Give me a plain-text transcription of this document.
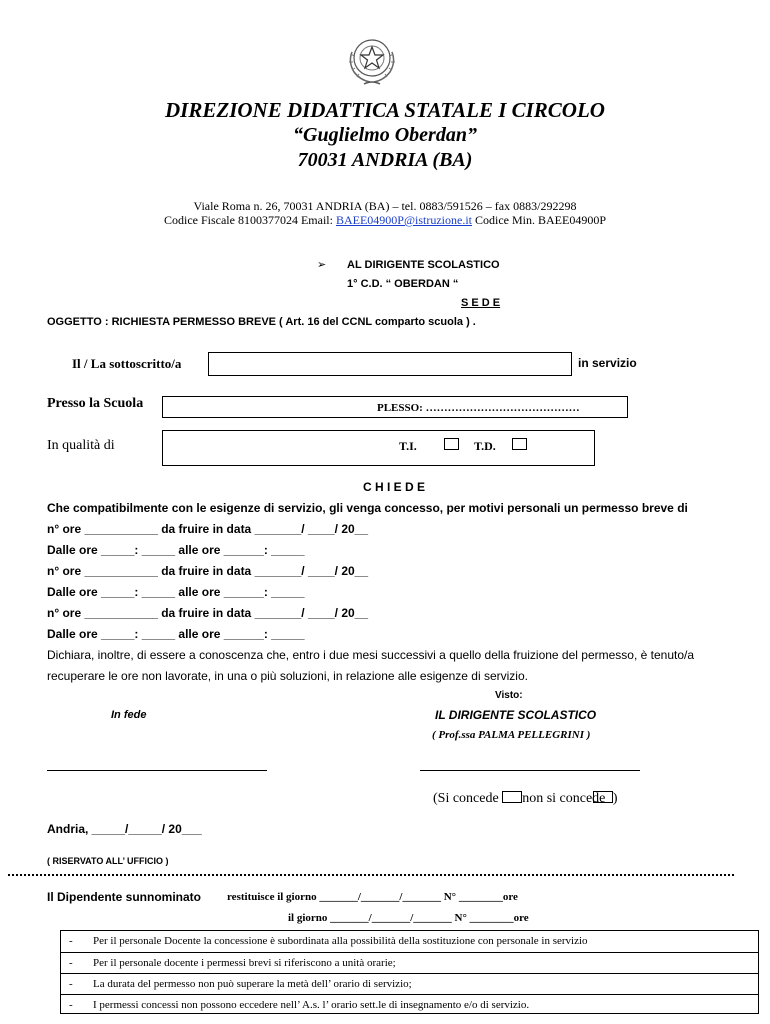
DIREZIONE DIDATTICA STATALE I CIRCOLO
“Guglielmo Oberdan”
70031 ANDRIA (BA)
Viale Roma n. 26, 70031 ANDRIA (BA) – tel. 0883/591526 – fax 0883/292298
Codice Fiscale 8100377024 Email: BAEE04900P@istruzione.it Codice Min. BAEE04900P
➢ AL DIRIGENTE SCOLASTICO
1° C.D. “ OBERDAN “
S E D E
OGGETTO : RICHIESTA PERMESSO BREVE ( Art. 16 del CCNL comparto scuola ) .
Il / La sottoscritto/a	in servizio
Presso la Scuola	PLESSO: ……………………………………
In qualità di	T.I.	T.D.
C H I E D E
Che compatibilmente con le esigenze di servizio, gli venga concesso, per motivi personali un permesso breve di
n° ore ___________ da fruire in data _______/ ____/ 20__
Dalle ore _____: _____ alle ore ______: _____
n° ore ___________ da fruire in data _______/ ____/ 20__
Dalle ore _____: _____ alle ore ______: _____
n° ore ___________ da fruire in data _______/ ____/ 20__
Dalle ore _____: _____ alle ore ______: _____
Dichiara, inoltre, di essere a conoscenza che, entro i due mesi successivi a quello della fruizione del permesso, è tenuto/a
recuperare le ore non lavorate, in una o più soluzioni, in relazione alle esigenze di servizio.
Visto:
In fede	IL DIRIGENTE SCOLASTICO
( Prof.ssa PALMA PELLEGRINI )
(Si concede non si concede )
Andria, _____/_____/ 20___
( RISERVATO ALL’ UFFICIO )
Il Dipendente sunnominato restituisce il giorno _______/_______/_______ N° ________ore
il giorno _______/_______/_______ N° ________ore
- Per il personale Docente la concessione è subordinata alla possibilità della sostituzione con personale in servizio
- Per il personale docente i permessi brevi si riferiscono a unità orarie;
- La durata del permesso non può superare la metà dell’ orario di servizio;
- I permessi concessi non possono eccedere nell’ A.s. l’ orario sett.le di insegnamento e/o di servizio.
